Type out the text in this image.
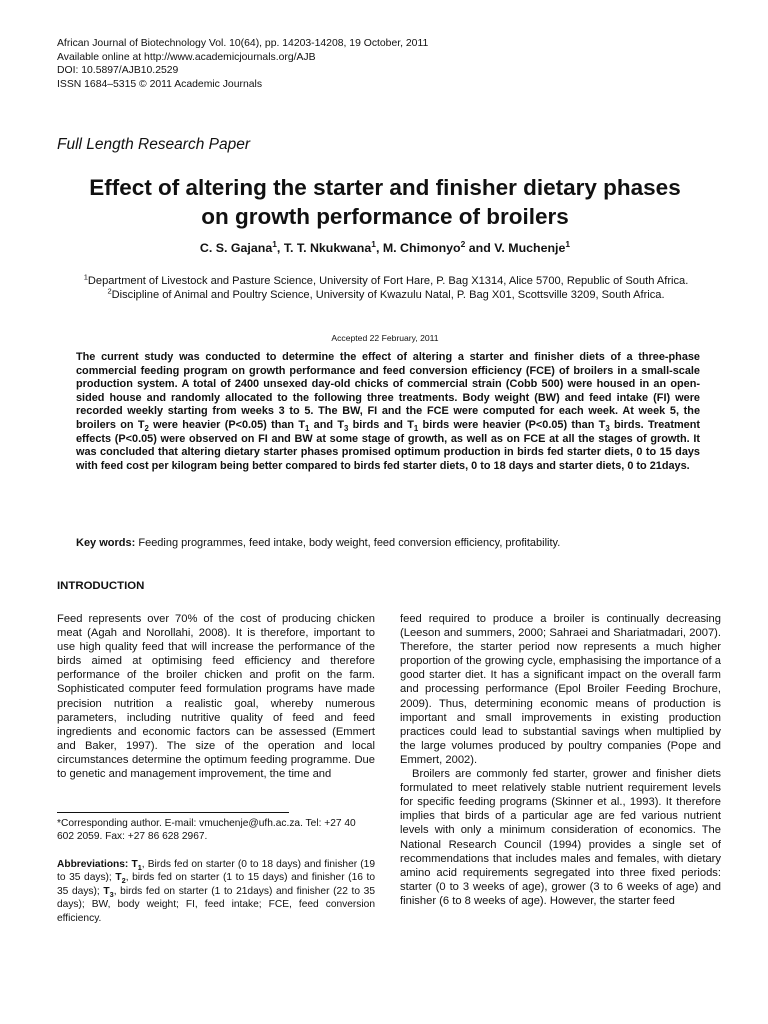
African Journal of Biotechnology Vol. 10(64), pp. 14203-14208, 19 October, 2011
Available online at http://www.academicjournals.org/AJB
DOI: 10.5897/AJB10.2529
ISSN 1684–5315 © 2011 Academic Journals
Full Length Research Paper
Effect of altering the starter and finisher dietary phases
on growth performance of broilers
C. S. Gajana$^1$, T. T. Nkukwana$^1$, M. Chimonyo$^2$ and V. Muchenje$^1$
$^1$Department of Livestock and Pasture Science, University of Fort Hare, P. Bag X1314, Alice 5700, Republic of South Africa.
$^2$Discipline of Animal and Poultry Science, University of Kwazulu Natal, P. Bag X01, Scottsville 3209, South Africa.
Accepted 22 February, 2011
The current study was conducted to determine the effect of altering a starter and finisher diets of a three-phase commercial feeding program on growth performance and feed conversion efficiency (FCE) of broilers in a small-scale production system. A total of 2400 unsexed day-old chicks of commercial strain (Cobb 500) were housed in an open-sided house and randomly allocated to the following three treatments. Body weight (BW) and feed intake (FI) were recorded weekly starting from weeks 3 to 5. The BW, FI and the FCE were computed for each week. At week 5, the broilers on $T_2$ were heavier (P<0.05) than $T_1$ and $T_3$ birds and $T_1$ birds were heavier (P<0.05) than $T_3$ birds. Treatment effects (P<0.05) were observed on FI and BW at some stage of growth, as well as on FCE at all the stages of growth. It was concluded that altering dietary starter phases promised optimum production in birds fed starter diets, 0 to 15 days with feed cost per kilogram being better compared to birds fed starter diets, 0 to 18 days and starter diets, 0 to 21days.
Key words: Feeding programmes, feed intake, body weight, feed conversion efficiency, profitability.
INTRODUCTION

Feed represents over 70% of the cost of producing chicken meat (Agah and Norollahi, 2008). It is therefore, important to use high quality feed that will increase the performance of the birds aimed at optimising feed efficiency and therefore performance of the broiler chicken and profit on the farm. Sophisticated computer feed formulation programs have made precision nutrition a realistic goal, whereby numerous parameters, including nutritive quality of feed and feed ingredients and economic factors can be assessed (Emmert and Baker, 1997). The size of the operation and local circumstances determine the optimum feeding programme. Due to genetic and management improvement, the time and

*Corresponding author. E-mail: vmuchenje@ufh.ac.za. Tel: +27 40 602 2059. Fax: +27 86 628 2967.
Abbreviations: $T_1$, Birds fed on starter (0 to 18 days) and finisher (19 to 35 days); $T_2$, birds fed on starter (1 to 15 days) and finisher (16 to 35 days); $T_3$, birds fed on starter (1 to 21days) and finisher (22 to 35 days); BW, body weight; FI, feed intake; FCE, feed conversion efficiency.

feed required to produce a broiler is continually decreasing (Leeson and summers, 2000; Sahraei and Shariatmadari, 2007). Therefore, the starter period now represents a much higher proportion of the growing cycle, emphasising the importance of a good starter diet. It has a significant impact on the overall farm and processing performance (Epol Broiler Feeding Brochure, 2009). Thus, determining economic means of production is important and small improvements in existing production practices could lead to substantial savings when multiplied by the large volumes produced by poultry companies (Pope and Emmert, 2002).

Broilers are commonly fed starter, grower and finisher diets formulated to meet relatively stable nutrient requirement levels for specific feeding programs (Skinner et al., 1993). It therefore implies that birds of a particular age are fed various nutrient levels with only a minimum consideration of economics. The National Research Council (1994) provides a single set of recommendations that includes males and females, with dietary amino acid requirements segregated into three fixed periods: starter (0 to 3 weeks of age), grower (3 to 6 weeks of age) and finisher (6 to 8 weeks of age). However, the starter feed
